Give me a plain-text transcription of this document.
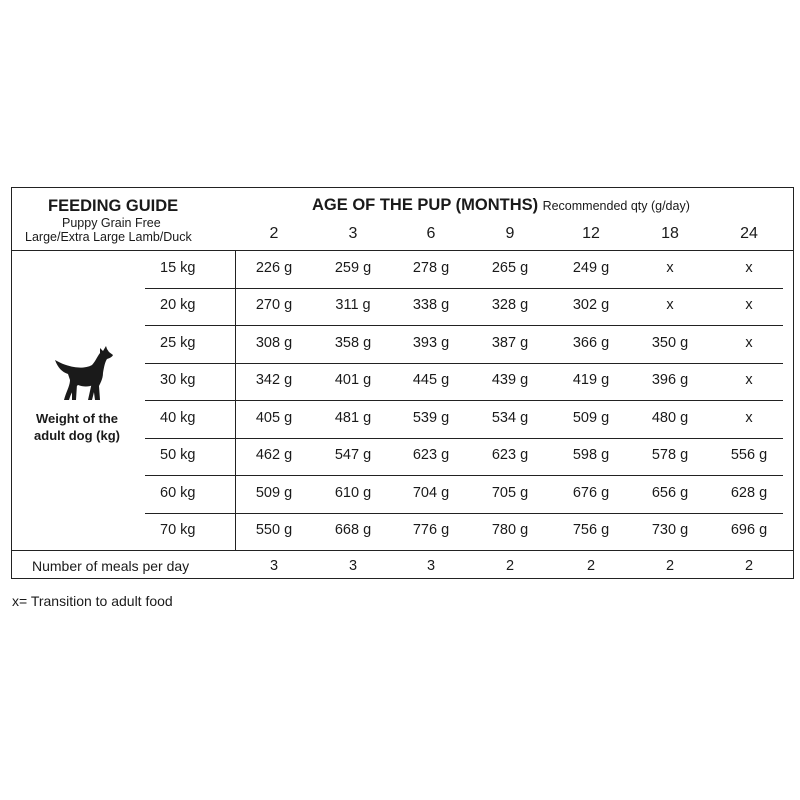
FEEDING GUIDE
Puppy Grain Free
Large/Extra Large Lamb/Duck
AGE OF THE PUP (MONTHS) Recommended qty (g/day)
2	3	6	9	12	18	24
Weight of the
adult dog (kg)
15 kg	226 g	259 g	278 g	265 g	249 g	x	x
20 kg	270 g	311 g	338 g	328 g	302 g	x	x
25 kg	308 g	358 g	393 g	387 g	366 g	350 g	x
30 kg	342 g	401 g	445 g	439 g	419 g	396 g	x
40 kg	405 g	481 g	539 g	534 g	509 g	480 g	x
50 kg	462 g	547 g	623 g	623 g	598 g	578 g	556 g
60 kg	509 g	610 g	704 g	705 g	676 g	656 g	628 g
70 kg	550 g	668 g	776 g	780 g	756 g	730 g	696 g
Number of meals per day	3	3	3	2	2	2	2
x= Transition to adult food
